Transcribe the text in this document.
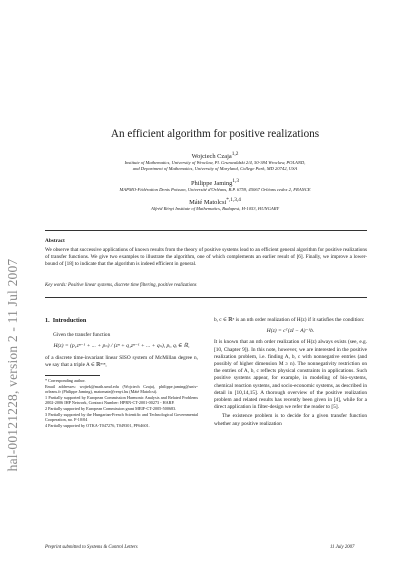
hal-00121228, version 2 - 11 Jul 2007
An efficient algorithm for positive realizations
Wojciech Czaja$^{1,2}$
Institute of Mathematics, University of Wroclaw, Pl. Grunwaldzki 2/4, 50-384 Wroclaw, POLAND,
and Department of Mathematics, University of Maryland, College Park, MD 20742, USA
Philippe Jaming$^{1,3}$
MAPMO-Fédération Denis Poisson, Université d'Orléans, B.P. 6759, 45067 Orléans cedex 2, FRANCE
Máté Matolcsi$^{*,1,3,4}$
Alfréd Rényi Institute of Mathematics, Budapest, H-1053, HUNGARY
Abstract
We observe that successive applications of known results from the theory of positive systems lead to an efficient general algorithm for positive realizations of transfer functions. We give two examples to illustrate the algorithm, one of which complements an earlier result of [6]. Finally, we improve a lower-bound of [18] to indicate that the algorithm is indeed efficient in general.
Key words: Positive linear systems, discrete time filtering, positive realizations
1. Introduction

Given the transfer function

H(z) = (p₁zⁿ⁻¹ + ... + pₙ) / (zⁿ + q₁zⁿ⁻¹ + ... + qₙ), pᵢ, qᵢ ∈ ℝ,

of a discrete time-invariant linear SISO system of McMillan degree n, we say that a triple A ∈ ℝⁿˣⁿ,

* Corresponding author.
Email addresses: wojtek@math.umd.edu (Wojciech Czaja), philippe.jaming@univ-orleans.fr (Philippe Jaming), matomate@renyi.hu (Máté Matolcsi).
1 Partially supported by European Commission Harmonic Analysis and Related Problems 2002-2006 IHP Network, Contract Number: HPRN-CT-2001-00273 - HARP.
2 Partially supported by European Commission grant MEIF-CT-2005-500683.
3 Partially supported by the Hungarian-French Scientific and Technological Governmental Cooperation, no. F-10/04
4 Partially supported by OTKA-T047276, T049301, PF64601.

b, c ∈ ℝⁿ is an nth order realization of H(z) if it satisfies the condition:

H(z) = cᵀ(zI − A)⁻¹b.

It is known that an nth order realization of H(z) always exists (see, e.g. [10, Chapter 9]). In this note, however, we are interested in the positive realization problem, i.e. finding A, b, c with nonnegative entries (and possibly of higher dimension M ≥ n). The nonnegativity restriction on the entries of A, b, c reflects physical constraints in applications. Such positive systems appear, for example, in modeling of bio-systems, chemical reaction systems, and socio-economic systems, as described in detail in [10,14,15]. A thorough overview of the positive realization problem and related results has recently been given in [4], while for a direct application in filter-design we refer the reader to [5].

The existence problem is to decide for a given transfer function whether any positive realization

Preprint submitted to Systems & Control Letters	11 July 2007
